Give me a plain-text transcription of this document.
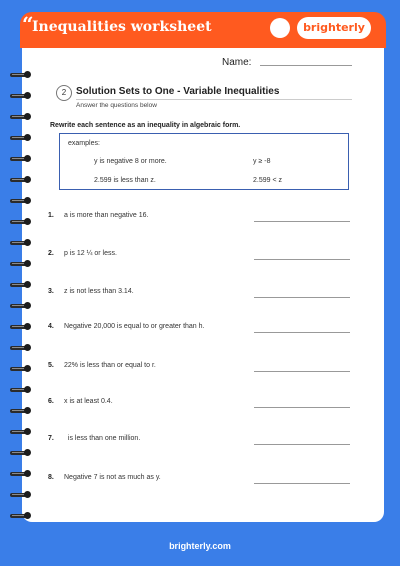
“
Inequalities worksheet	brighterly
Name:
2 Solution Sets to One - Variable Inequalities
Answer the questions below
Rewrite each sentence as an inequality in algebraic form.
examples:
y is negative 8 or more.	y ≥ -8
2.599 is less than z.	2.599 < z
1. a is more than negative 16.
2. p is 12 ¼ or less.
3. z is not less than 3.14.
4. Negative 20,000 is equal to or greater than h.
5. 22% is less than or equal to r.
6. x is at least 0.4.
7. is less than one million.
8. Negative 7 is not as much as y.
brighterly.com
